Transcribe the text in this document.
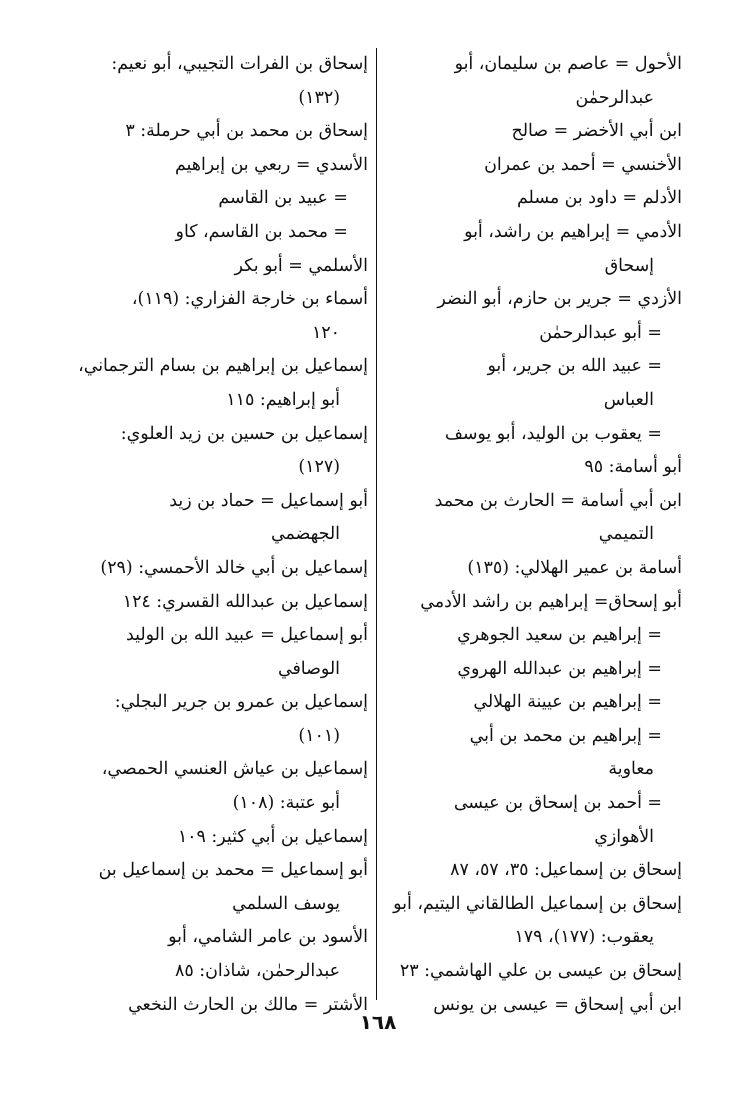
الأحول = عاصم بن سليمان، أبو
عبدالرحمٰن
ابن أبي الأخضر = صالح
الأخنسي = أحمد بن عمران
الأدلم = داود بن مسلم
الأدمي = إبراهيم بن راشد، أبو
إسحاق
الأزدي = جرير بن حازم، أبو النضر
= أبو عبدالرحمٰن
= عبيد الله بن جرير، أبو
العباس
= يعقوب بن الوليد، أبو يوسف
أبو أسامة: ٩٥
ابن أبي أسامة = الحارث بن محمد
التميمي
أسامة بن عمير الهلالي: (١٣٥)
أبو إسحاق= إبراهيم بن راشد الأدمي
= إبراهيم بن سعيد الجوهري
= إبراهيم بن عبدالله الهروي
= إبراهيم بن عيينة الهلالي
= إبراهيم بن محمد بن أبي
معاوية
= أحمد بن إسحاق بن عيسى
الأهوازي
إسحاق بن إسماعيل: ٣٥، ٥٧، ٨٧
إسحاق بن إسماعيل الطالقاني اليتيم، أبو
يعقوب: (١٧٧)، ١٧٩
إسحاق بن عيسى بن علي الهاشمي: ٢٣
ابن أبي إسحاق = عيسى بن يونس
إسحاق بن الفرات التجيبي، أبو نعيم:
(١٣٢)
إسحاق بن محمد بن أبي حرملة: ٣
الأسدي = ربعي بن إبراهيم
= عبيد بن القاسم
= محمد بن القاسم، كاو
الأسلمي = أبو بكر
أسماء بن خارجة الفزاري: (١١٩)،
١٢٠
إسماعيل بن إبراهيم بن بسام الترجماني،
أبو إبراهيم: ١١٥
إسماعيل بن حسين بن زيد العلوي:
(١٢٧)
أبو إسماعيل = حماد بن زيد
الجهضمي
إسماعيل بن أبي خالد الأحمسي: (٢٩)
إسماعيل بن عبدالله القسري: ١٢٤
أبو إسماعيل = عبيد الله بن الوليد
الوصافي
إسماعيل بن عمرو بن جرير البجلي:
(١٠١)
إسماعيل بن عياش العنسي الحمصي،
أبو عتبة: (١٠٨)
إسماعيل بن أبي كثير: ١٠٩
أبو إسماعيل = محمد بن إسماعيل بن
يوسف السلمي
الأسود بن عامر الشامي، أبو
عبدالرحمٰن، شاذان: ٨٥
الأشتر = مالك بن الحارث النخعي
١٦٨
